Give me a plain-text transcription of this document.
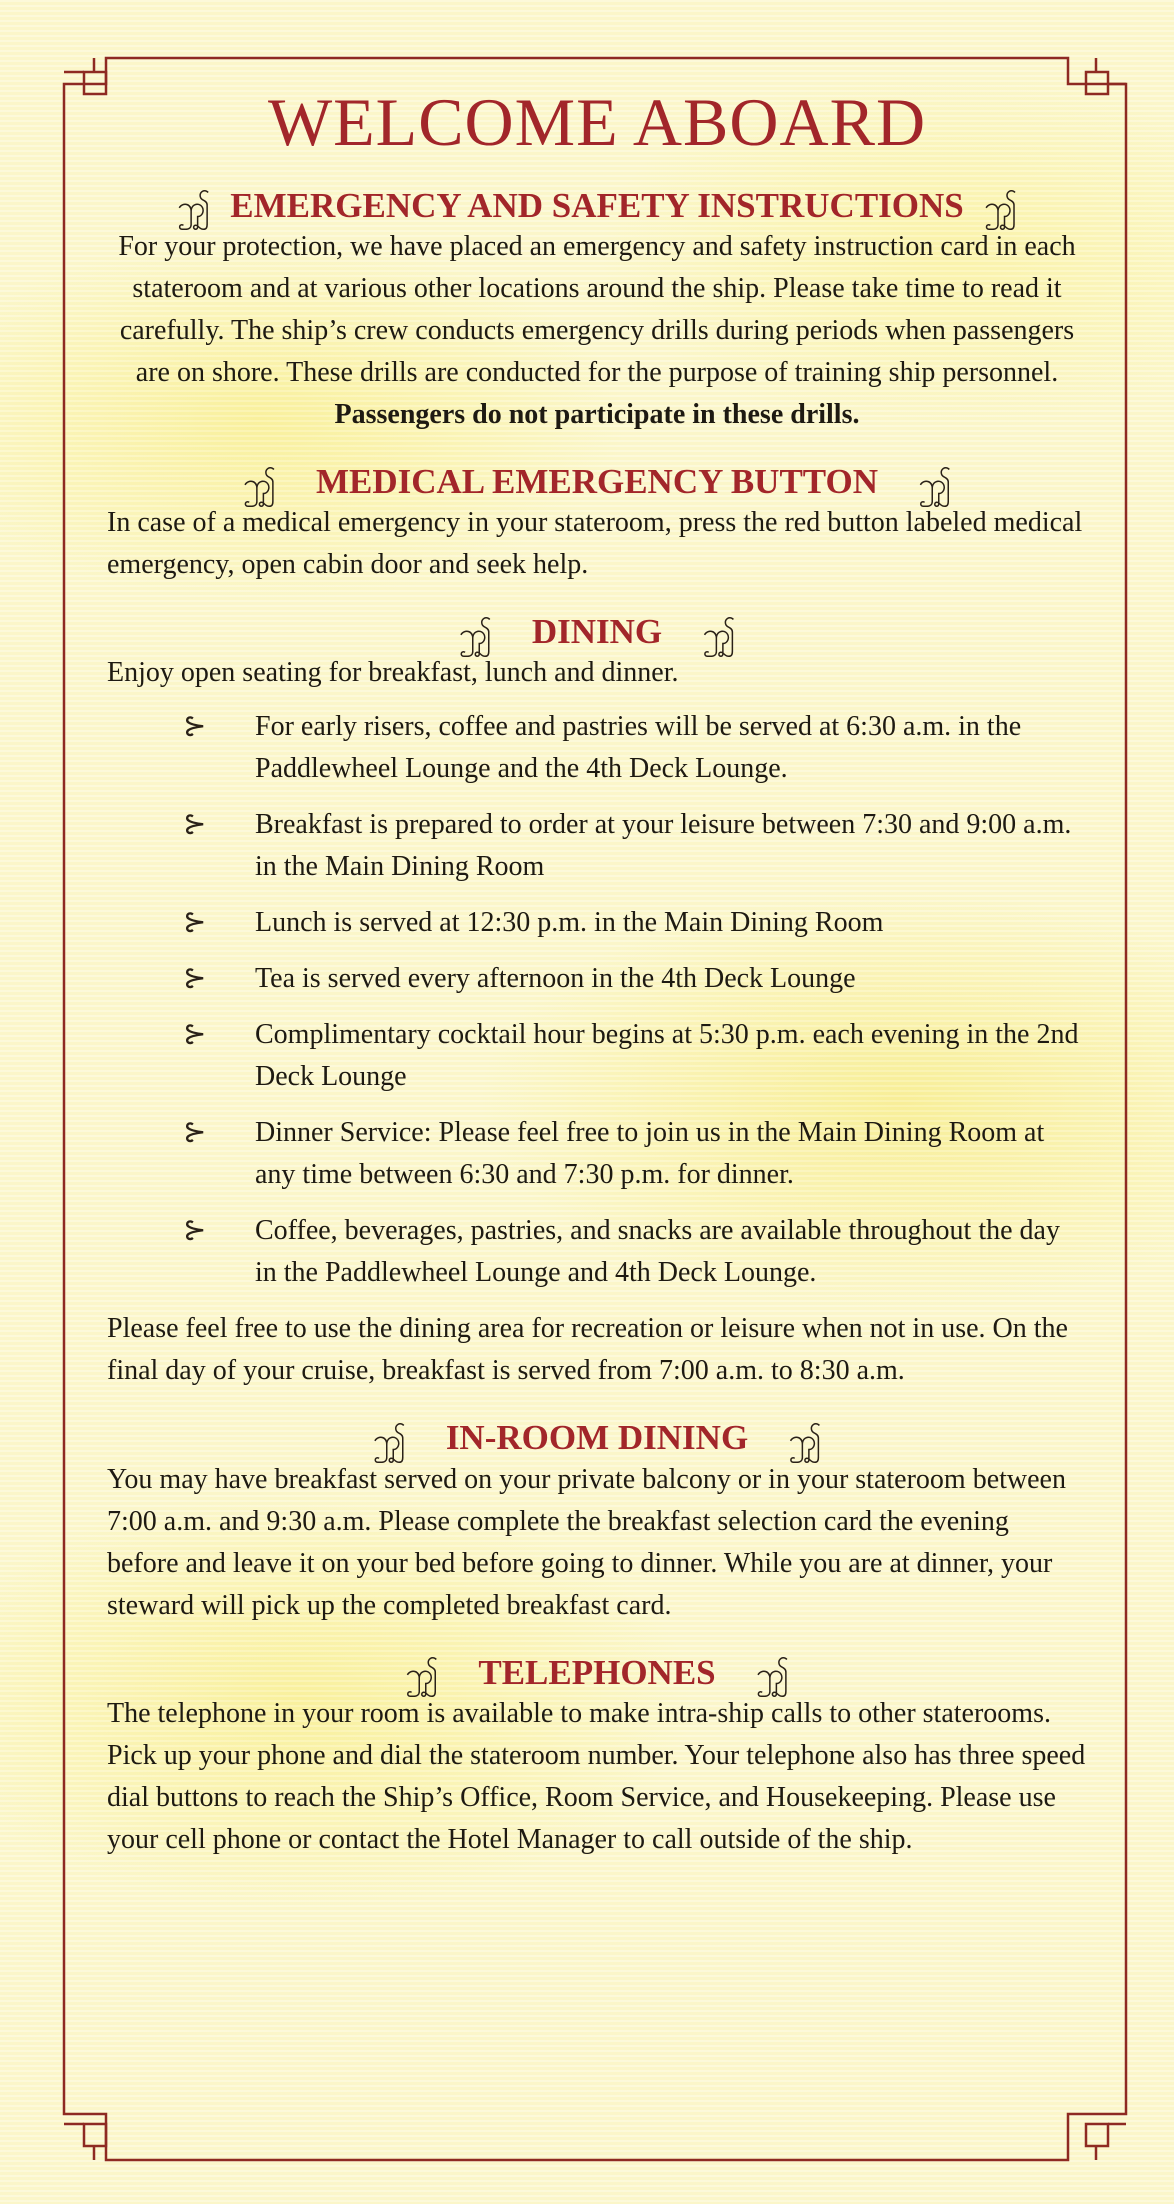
WELCOME ABOARD
ꩶ EMERGENCY AND SAFETY INSTRUCTIONS ꩶ

For your protection, we have placed an emergency and safety instruction card in each stateroom and at various other locations around the ship. Please take time to read it carefully. The ship’s crew conducts emergency drills during periods when passengers are on shore. These drills are conducted for the purpose of training ship personnel. Passengers do not participate in these drills.

ꩶ MEDICAL EMERGENCY BUTTON ꩶ

In case of a medical emergency in your stateroom, press the red button labeled medical emergency, open cabin door and seek help.

ꩶ DINING ꩶ

Enjoy open seating for breakfast, lunch and dinner.

⊱ For early risers, coffee and pastries will be served at 6:30 a.m. in the Paddlewheel Lounge and the 4th Deck Lounge.
⊱ Breakfast is prepared to order at your leisure between 7:30 and 9:00 a.m. in the Main Dining Room
⊱ Lunch is served at 12:30 p.m. in the Main Dining Room
⊱ Tea is served every afternoon in the 4th Deck Lounge
⊱ Complimentary cocktail hour begins at 5:30 p.m. each evening in the 2nd Deck Lounge
⊱ Dinner Service: Please feel free to join us in the Main Dining Room at any time between 6:30 and 7:30 p.m. for dinner.
⊱ Coffee, beverages, pastries, and snacks are available throughout the day in the Paddlewheel Lounge and 4th Deck Lounge.

Please feel free to use the dining area for recreation or leisure when not in use. On the final day of your cruise, breakfast is served from 7:00 a.m. to 8:30 a.m.

ꩶ IN-ROOM DINING ꩶ

You may have breakfast served on your private balcony or in your stateroom between 7:00 a.m. and 9:30 a.m. Please complete the breakfast selection card the evening before and leave it on your bed before going to dinner. While you are at dinner, your steward will pick up the completed breakfast card.

ꩶ TELEPHONES ꩶ

The telephone in your room is available to make intra-ship calls to other staterooms. Pick up your phone and dial the stateroom number. Your telephone also has three speed dial buttons to reach the Ship’s Office, Room Service, and Housekeeping. Please use your cell phone or contact the Hotel Manager to call outside of the ship.
